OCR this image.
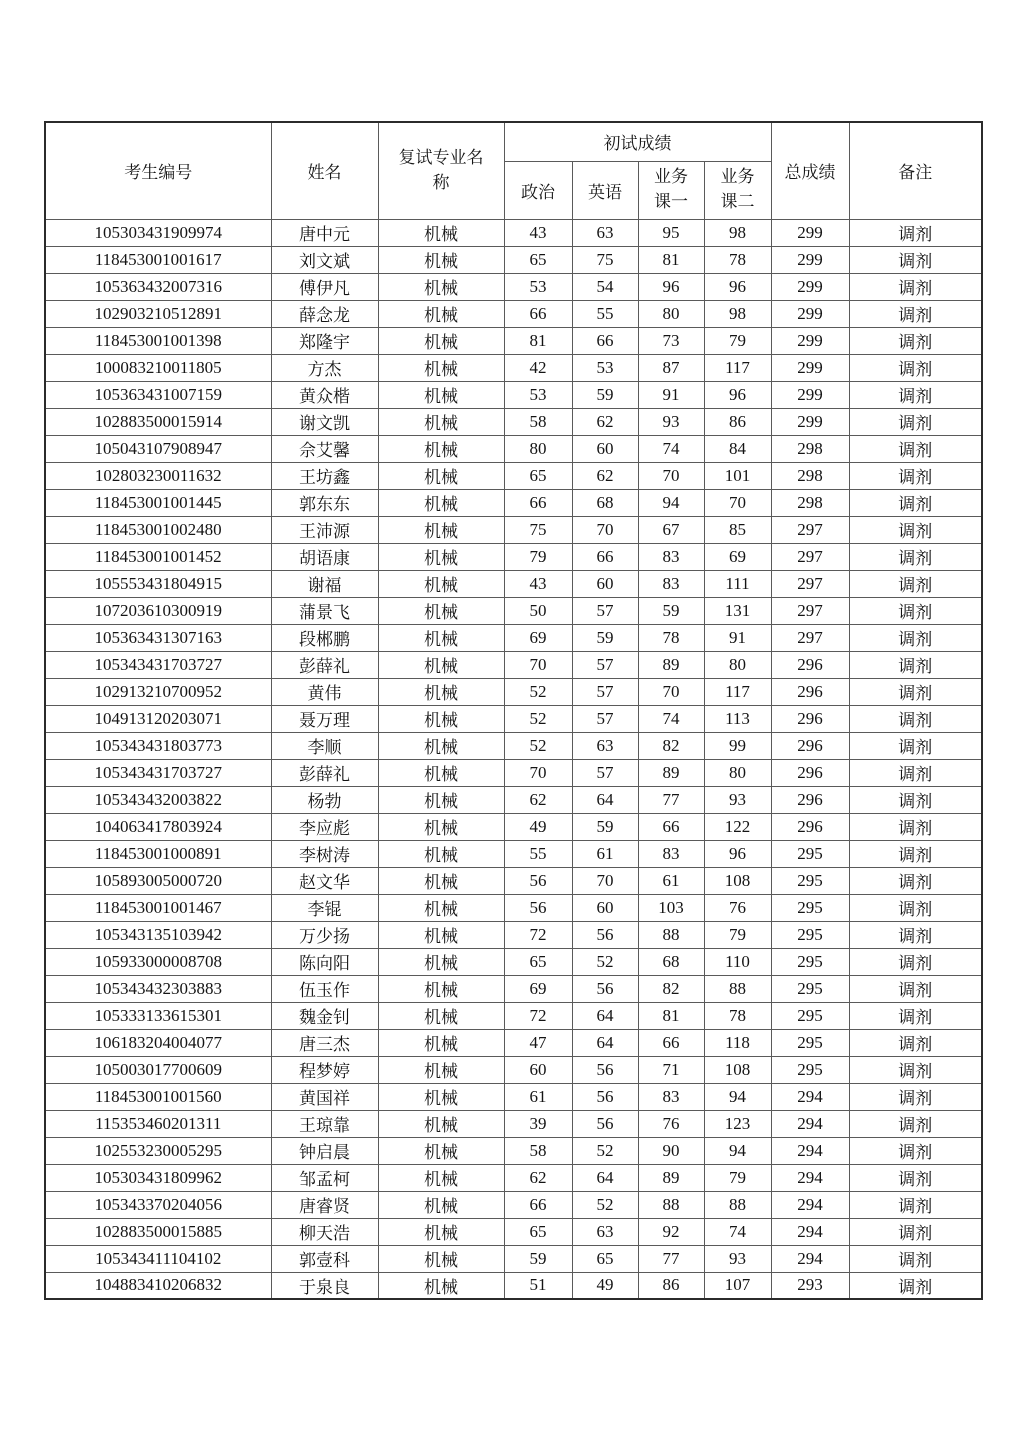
考生编号	姓名	复试专业名称	初试成绩				总成绩	备注
			政治	英语	业务课一	业务课二		
105303431909974	唐中元	机械	43	63	95	98	299	调剂
118453001001617	刘文斌	机械	65	75	81	78	299	调剂
105363432007316	傅伊凡	机械	53	54	96	96	299	调剂
102903210512891	薛念龙	机械	66	55	80	98	299	调剂
118453001001398	郑隆宇	机械	81	66	73	79	299	调剂
100083210011805	方杰	机械	42	53	87	117	299	调剂
105363431007159	黄众楷	机械	53	59	91	96	299	调剂
102883500015914	谢文凯	机械	58	62	93	86	299	调剂
105043107908947	佘艾馨	机械	80	60	74	84	298	调剂
102803230011632	王坊鑫	机械	65	62	70	101	298	调剂
118453001001445	郭东东	机械	66	68	94	70	298	调剂
118453001002480	王沛源	机械	75	70	67	85	297	调剂
118453001001452	胡语康	机械	79	66	83	69	297	调剂
105553431804915	谢福	机械	43	60	83	111	297	调剂
107203610300919	蒲景飞	机械	50	57	59	131	297	调剂
105363431307163	段郴鹏	机械	69	59	78	91	297	调剂
105343431703727	彭薛礼	机械	70	57	89	80	296	调剂
102913210700952	黄伟	机械	52	57	70	117	296	调剂
104913120203071	聂万理	机械	52	57	74	113	296	调剂
105343431803773	李顺	机械	52	63	82	99	296	调剂
105343431703727	彭薛礼	机械	70	57	89	80	296	调剂
105343432003822	杨勃	机械	62	64	77	93	296	调剂
104063417803924	李应彪	机械	49	59	66	122	296	调剂
118453001000891	李树涛	机械	55	61	83	96	295	调剂
105893005000720	赵文华	机械	56	70	61	108	295	调剂
118453001001467	李锟	机械	56	60	103	76	295	调剂
105343135103942	万少扬	机械	72	56	88	79	295	调剂
105933000008708	陈向阳	机械	65	52	68	110	295	调剂
105343432303883	伍玉作	机械	69	56	82	88	295	调剂
105333133615301	魏金钊	机械	72	64	81	78	295	调剂
106183204004077	唐三杰	机械	47	64	66	118	295	调剂
105003017700609	程梦婷	机械	60	56	71	108	295	调剂
118453001001560	黄国祥	机械	61	56	83	94	294	调剂
115353460201311	王琼靠	机械	39	56	76	123	294	调剂
102553230005295	钟启晨	机械	58	52	90	94	294	调剂
105303431809962	邹孟柯	机械	62	64	89	79	294	调剂
105343370204056	唐睿贤	机械	66	52	88	88	294	调剂
102883500015885	柳天浩	机械	65	63	92	74	294	调剂
105343411104102	郭壹科	机械	59	65	77	93	294	调剂
104883410206832	于泉良	机械	51	49	86	107	293	调剂
